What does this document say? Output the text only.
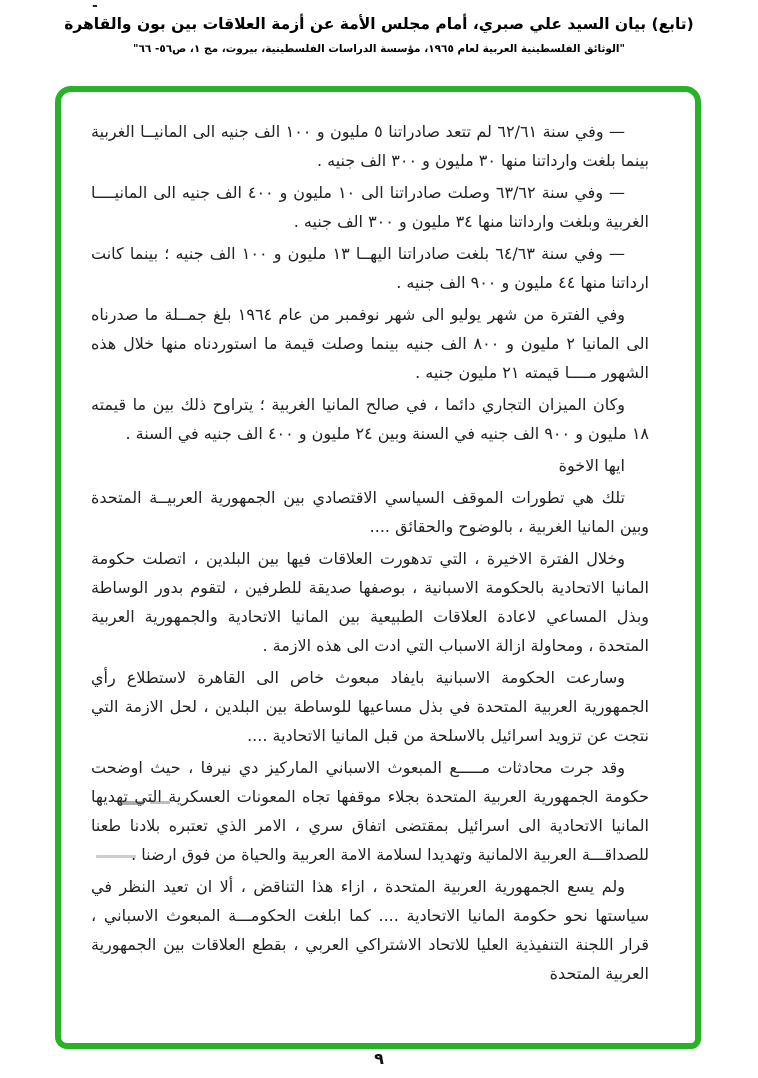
-
(تابع) بيان السيد علي صبري، أمام مجلس الأمة عن أزمة العلاقات بين بون والقاهرة
"الوثائق الفلسطينية العربية لعام ١٩٦٥، مؤسسة الدراسات الفلسطينية، بيروت، مج ١، ص٥٦- ٦٦"

— وفي سنة ٦٢/٦١ لم تتعد صادراتنا ٥ مليون و ١٠٠ الف جنيه الى المانيــا الغربية بينما بلغت وارداتنا منها ٣٠ مليون و ٣٠٠ الف جنيه .

— وفي سنة ٦٣/٦٢ وصلت صادراتنا الى ١٠ مليون و ٤٠٠ الف جنيه الى المانيــــا الغربية وبلغت وارداتنا منها ٣٤ مليون و ٣٠٠ الف جنيه .

— وفي سنة ٦٤/٦٣ بلغت صادراتنا اليهــا ١٣ مليون و ١٠٠ الف جنيه ؛ بينما كانت ارداتنا منها ٤٤ مليون و ٩٠٠ الف جنيه .

وفي الفترة من شهر يوليو الى شهر نوفمبر من عام ١٩٦٤ بلغ جمــلة ما صدرناه الى المانيا ٢ مليون و ٨٠٠ الف جنيه بينما وصلت قيمة ما استوردناه منها خلال هذه الشهور مــــا قيمته ٢١ مليون جنيه .

وكان الميزان التجاري دائما ، في صالح المانيا الغربية ؛ يتراوح ذلك بين ما قيمته ١٨ مليون و ٩٠٠ الف جنيه في السنة وبين ٢٤ مليون و ٤٠٠ الف جنيه في السنة .

ايها الاخوة

تلك هي تطورات الموقف السياسي الاقتصادي بين الجمهورية العربيــة المتحدة وبين المانيا الغربية ، بالوضوح والحقائق ....

وخلال الفترة الاخيرة ، التي تدهورت العلاقات فيها بين البلدين ، اتصلت حكومة المانيا الاتحادية بالحكومة الاسبانية ، بوصفها صديقة للطرفين ، لتقوم بدور الوساطة وبذل المساعي لاعادة العلاقات الطبيعية بين المانيا الاتحادية والجمهورية العربية المتحدة ، ومحاولة ازالة الاسباب التي ادت الى هذه الازمة .

وسارعت الحكومة الاسبانية بايفاد مبعوث خاص الى القاهرة لاستطلاع رأي الجمهورية العربية المتحدة في بذل مساعيها للوساطة بين البلدين ، لحل الازمة التي نتجت عن تزويد اسرائيل بالاسلحة من قبل المانيا الاتحادية ....

وقد جرت محادثات مـــــع المبعوث الاسباني الماركيز دي نيرفا ، حيث اوضحت حكومة الجمهورية العربية المتحدة بجلاء موقفها تجاه المعونات العسكرية التي تهديها المانيا الاتحادية الى اسرائيل بمقتضى اتفاق سري ، الامر الذي تعتبره بلادنا طعنا للصداقـــة العربية الالمانية وتهديدا لسلامة الامة العربية والحياة من فوق ارضنا .

ولم يسع الجمهورية العربية المتحدة ، ازاء هذا التناقض ، ألا ان تعيد النظر في سياستها نحو حكومة المانيا الاتحادية .... كما ابلغت الحكومـــة المبعوث الاسباني ، قرار اللجنة التنفيذية العليا للاتحاد الاشتراكي العربي ، بقطع العلاقات بين الجمهورية العربية المتحدة

٩
